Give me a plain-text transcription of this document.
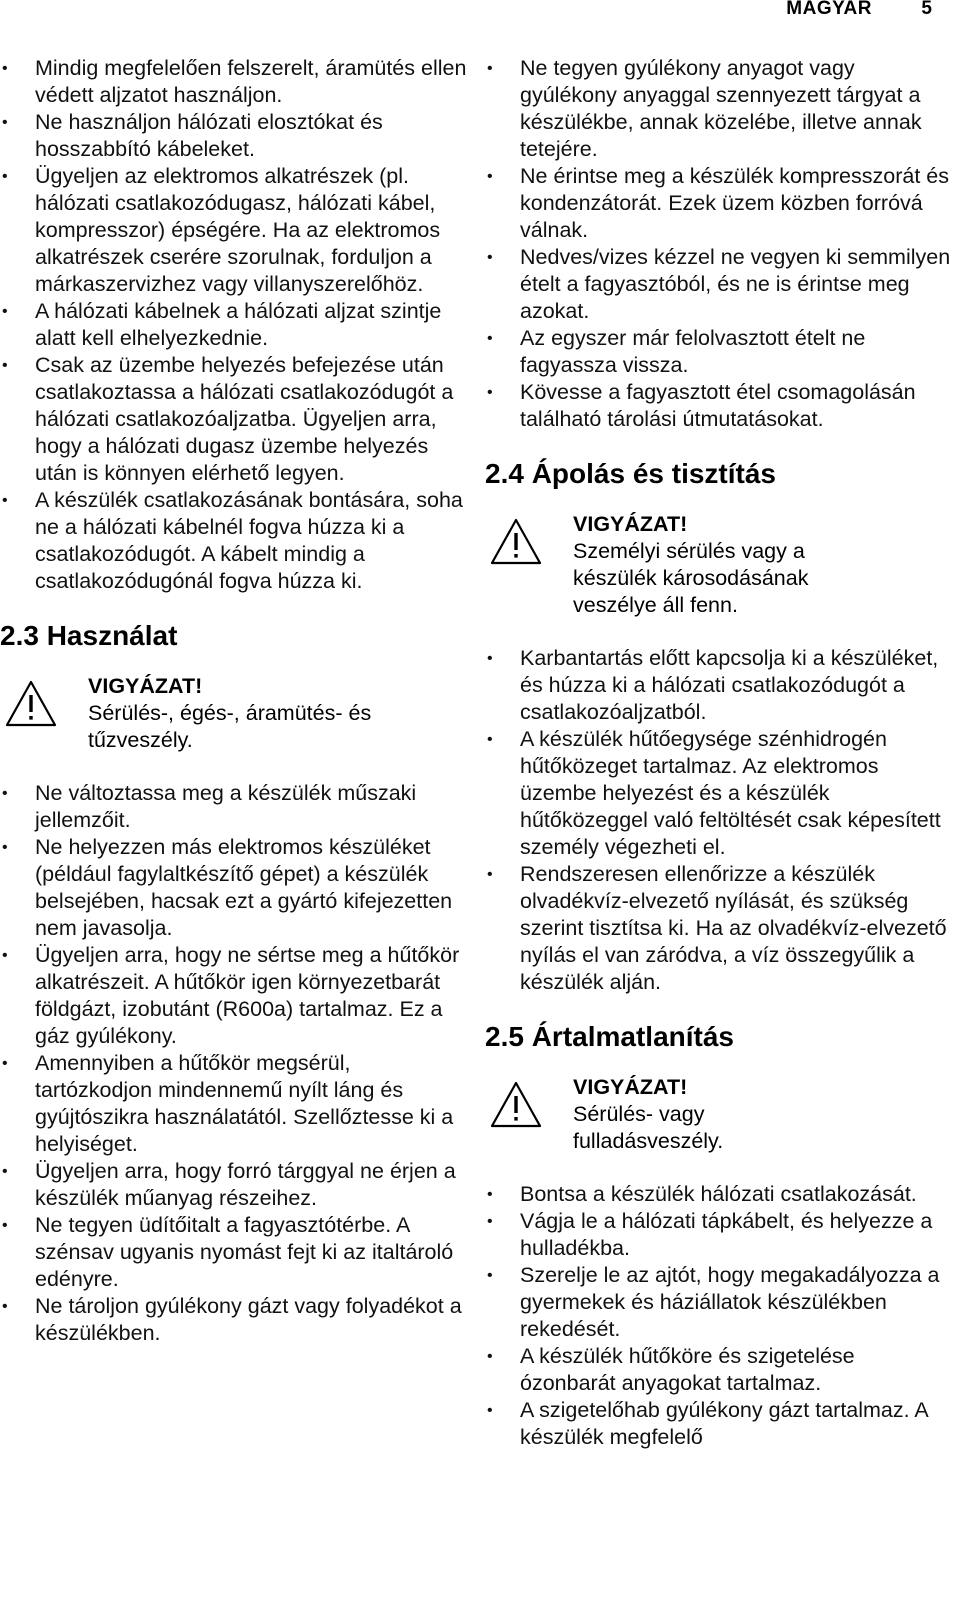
MAGYAR	5
• Mindig megfelelően felszerelt, áramütés ellen védett aljzatot használjon.
• Ne használjon hálózati elosztókat és hosszabbító kábeleket.
• Ügyeljen az elektromos alkatrészek (pl. hálózati csatlakozódugasz, hálózati kábel, kompresszor) épségére. Ha az elektromos alkatrészek cserére szorulnak, forduljon a márkaszervizhez vagy villanyszerelőhöz.
• A hálózati kábelnek a hálózati aljzat szintje alatt kell elhelyezkednie.
• Csak az üzembe helyezés befejezése után csatlakoztassa a hálózati csatlakozódugót a hálózati csatlakozóaljzatba. Ügyeljen arra, hogy a hálózati dugasz üzembe helyezés után is könnyen elérhető legyen.
• A készülék csatlakozásának bontására, soha ne a hálózati kábelnél fogva húzza ki a csatlakozódugót. A kábelt mindig a csatlakozódugónál fogva húzza ki.
2.3 Használat
VIGYÁZAT!
Sérülés-, égés-, áramütés- és tűzveszély.
• Ne változtassa meg a készülék műszaki jellemzőit.
• Ne helyezzen más elektromos készüléket (például fagylaltkészítő gépet) a készülék belsejében, hacsak ezt a gyártó kifejezetten nem javasolja.
• Ügyeljen arra, hogy ne sértse meg a hűtőkör alkatrészeit. A hűtőkör igen környezetbarát földgázt, izobutánt (R600a) tartalmaz. Ez a gáz gyúlékony.
• Amennyiben a hűtőkör megsérül, tartózkodjon mindennemű nyílt láng és gyújtószikra használatától. Szellőztesse ki a helyiséget.
• Ügyeljen arra, hogy forró tárggyal ne érjen a készülék műanyag részeihez.
• Ne tegyen üdítőitalt a fagyasztótérbe. A szénsav ugyanis nyomást fejt ki az italtároló edényre.
• Ne tároljon gyúlékony gázt vagy folyadékot a készülékben.
• Ne tegyen gyúlékony anyagot vagy gyúlékony anyaggal szennyezett tárgyat a készülékbe, annak közelébe, illetve annak tetejére.
• Ne érintse meg a készülék kompresszorát és kondenzátorát. Ezek üzem közben forróvá válnak.
• Nedves/vizes kézzel ne vegyen ki semmilyen ételt a fagyasztóból, és ne is érintse meg azokat.
• Az egyszer már felolvasztott ételt ne fagyassza vissza.
• Kövesse a fagyasztott étel csomagolásán található tárolási útmutatásokat.
2.4 Ápolás és tisztítás
VIGYÁZAT!
Személyi sérülés vagy a készülék károsodásának veszélye áll fenn.
• Karbantartás előtt kapcsolja ki a készüléket, és húzza ki a hálózati csatlakozódugót a csatlakozóaljzatból.
• A készülék hűtőegysége szénhidrogén hűtőközeget tartalmaz. Az elektromos üzembe helyezést és a készülék hűtőközeggel való feltöltését csak képesített személy végezheti el.
• Rendszeresen ellenőrizze a készülék olvadékvíz-elvezető nyílását, és szükség szerint tisztítsa ki. Ha az olvadékvíz-elvezető nyílás el van záródva, a víz összegyűlik a készülék alján.
2.5 Ártalmatlanítás
VIGYÁZAT!
Sérülés- vagy fulladásveszély.
• Bontsa a készülék hálózati csatlakozását.
• Vágja le a hálózati tápkábelt, és helyezze a hulladékba.
• Szerelje le az ajtót, hogy megakadályozza a gyermekek és háziállatok készülékben rekedését.
• A készülék hűtőköre és szigetelése ózonbarát anyagokat tartalmaz.
• A szigetelőhab gyúlékony gázt tartalmaz. A készülék megfelelő
